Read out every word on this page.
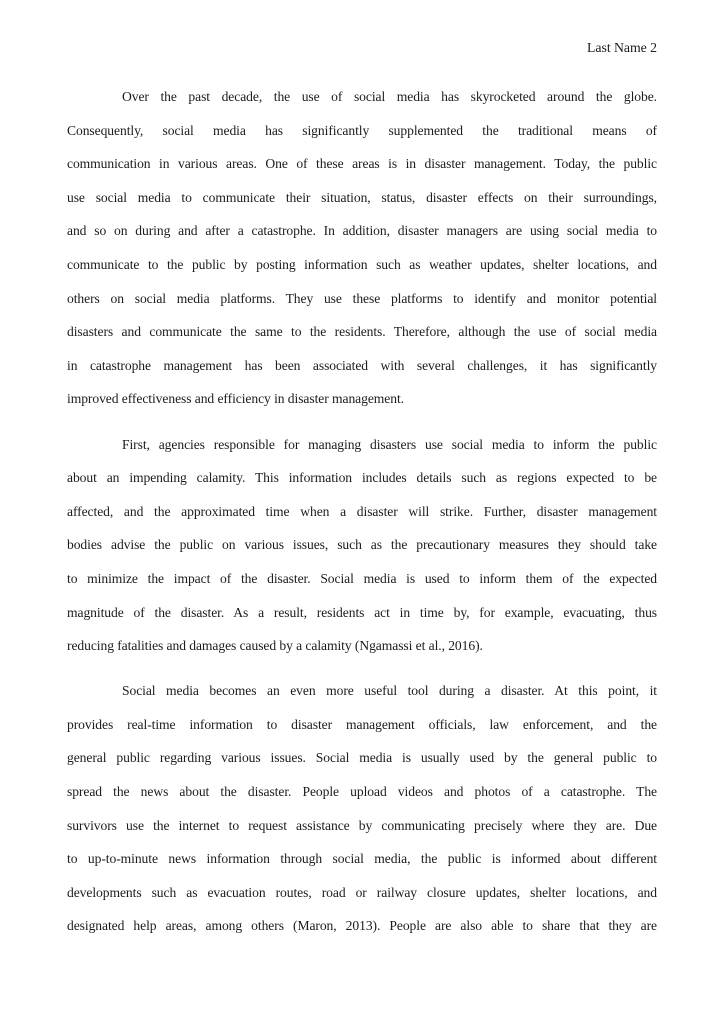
Last Name 2
Over the past decade, the use of social media has skyrocketed around the globe.
Consequently, social media has significantly supplemented the traditional means of
communication in various areas. One of these areas is in disaster management. Today, the public
use social media to communicate their situation, status, disaster effects on their surroundings,
and so on during and after a catastrophe. In addition, disaster managers are using social media to
communicate to the public by posting information such as weather updates, shelter locations, and
others on social media platforms. They use these platforms to identify and monitor potential
disasters and communicate the same to the residents. Therefore, although the use of social media
in catastrophe management has been associated with several challenges, it has significantly
improved effectiveness and efficiency in disaster management.
First, agencies responsible for managing disasters use social media to inform the public
about an impending calamity. This information includes details such as regions expected to be
affected, and the approximated time when a disaster will strike. Further, disaster management
bodies advise the public on various issues, such as the precautionary measures they should take
to minimize the impact of the disaster. Social media is used to inform them of the expected
magnitude of the disaster. As a result, residents act in time by, for example, evacuating, thus
reducing fatalities and damages caused by a calamity (Ngamassi et al., 2016).
Social media becomes an even more useful tool during a disaster. At this point, it
provides real-time information to disaster management officials, law enforcement, and the
general public regarding various issues. Social media is usually used by the general public to
spread the news about the disaster. People upload videos and photos of a catastrophe. The
survivors use the internet to request assistance by communicating precisely where they are. Due
to up-to-minute news information through social media, the public is informed about different
developments such as evacuation routes, road or railway closure updates, shelter locations, and
designated help areas, among others (Maron, 2013). People are also able to share that they are
